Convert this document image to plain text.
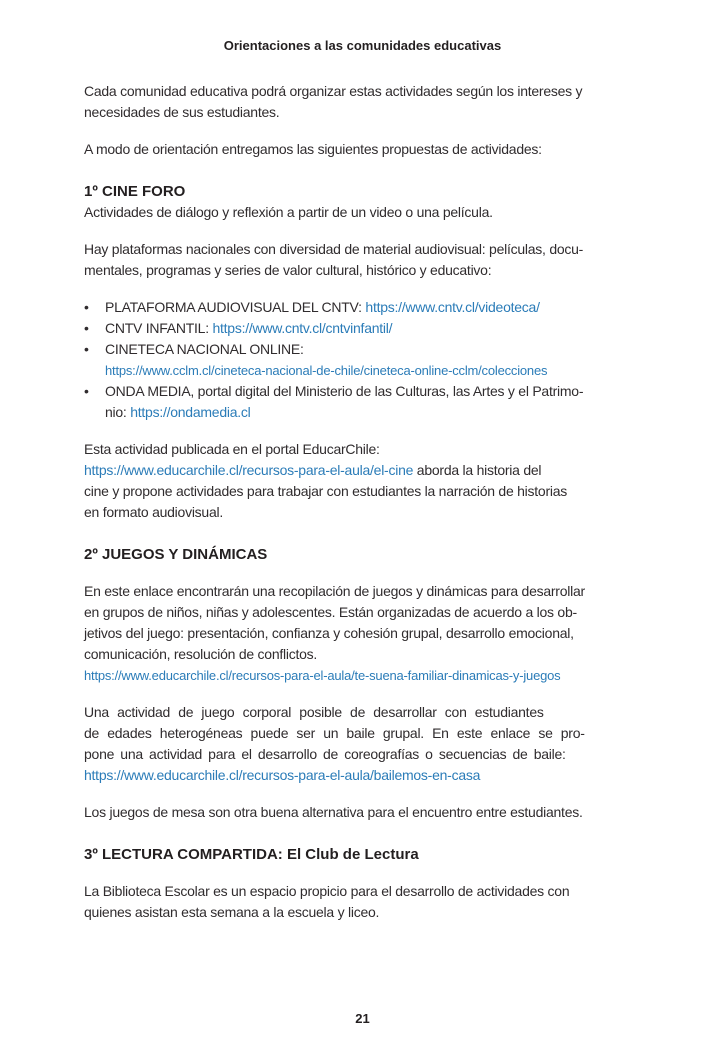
Orientaciones a las comunidades educativas
Cada comunidad educativa podrá organizar estas actividades según los intereses y
necesidades de sus estudiantes.
A modo de orientación entregamos las siguientes propuestas de actividades:
1º CINE FORO
Actividades de diálogo y reflexión a partir de un video o una película.
Hay plataformas nacionales con diversidad de material audiovisual: películas, docu-
mentales, programas y series de valor cultural, histórico y educativo:
•	PLATAFORMA AUDIOVISUAL DEL CNTV: https://www.cntv.cl/videoteca/
•	CNTV INFANTIL: https://www.cntv.cl/cntvinfantil/
•	CINETECA NACIONAL ONLINE:
https://www.cclm.cl/cineteca-nacional-de-chile/cineteca-online-cclm/colecciones
•	ONDA MEDIA, portal digital del Ministerio de las Culturas, las Artes y el Patrimo-
nio: https://ondamedia.cl
Esta actividad publicada en el portal EducarChile:
https://www.educarchile.cl/recursos-para-el-aula/el-cine aborda la historia del
cine y propone actividades para trabajar con estudiantes la narración de historias
en formato audiovisual.
2º JUEGOS Y DINÁMICAS
En este enlace encontrarán una recopilación de juegos y dinámicas para desarrollar
en grupos de niños, niñas y adolescentes. Están organizadas de acuerdo a los ob-
jetivos del juego: presentación, confianza y cohesión grupal, desarrollo emocional,
comunicación, resolución de conflictos.
https://www.educarchile.cl/recursos-para-el-aula/te-suena-familiar-dinamicas-y-juegos
Una actividad de juego corporal posible de desarrollar con estudiantes
de edades heterogéneas puede ser un baile grupal. En este enlace se pro-
pone una actividad para el desarrollo de coreografías o secuencias de baile:
https://www.educarchile.cl/recursos-para-el-aula/bailemos-en-casa
Los juegos de mesa son otra buena alternativa para el encuentro entre estudiantes.
3º LECTURA COMPARTIDA: El Club de Lectura
La Biblioteca Escolar es un espacio propicio para el desarrollo de actividades con
quienes asistan esta semana a la escuela y liceo.
21
